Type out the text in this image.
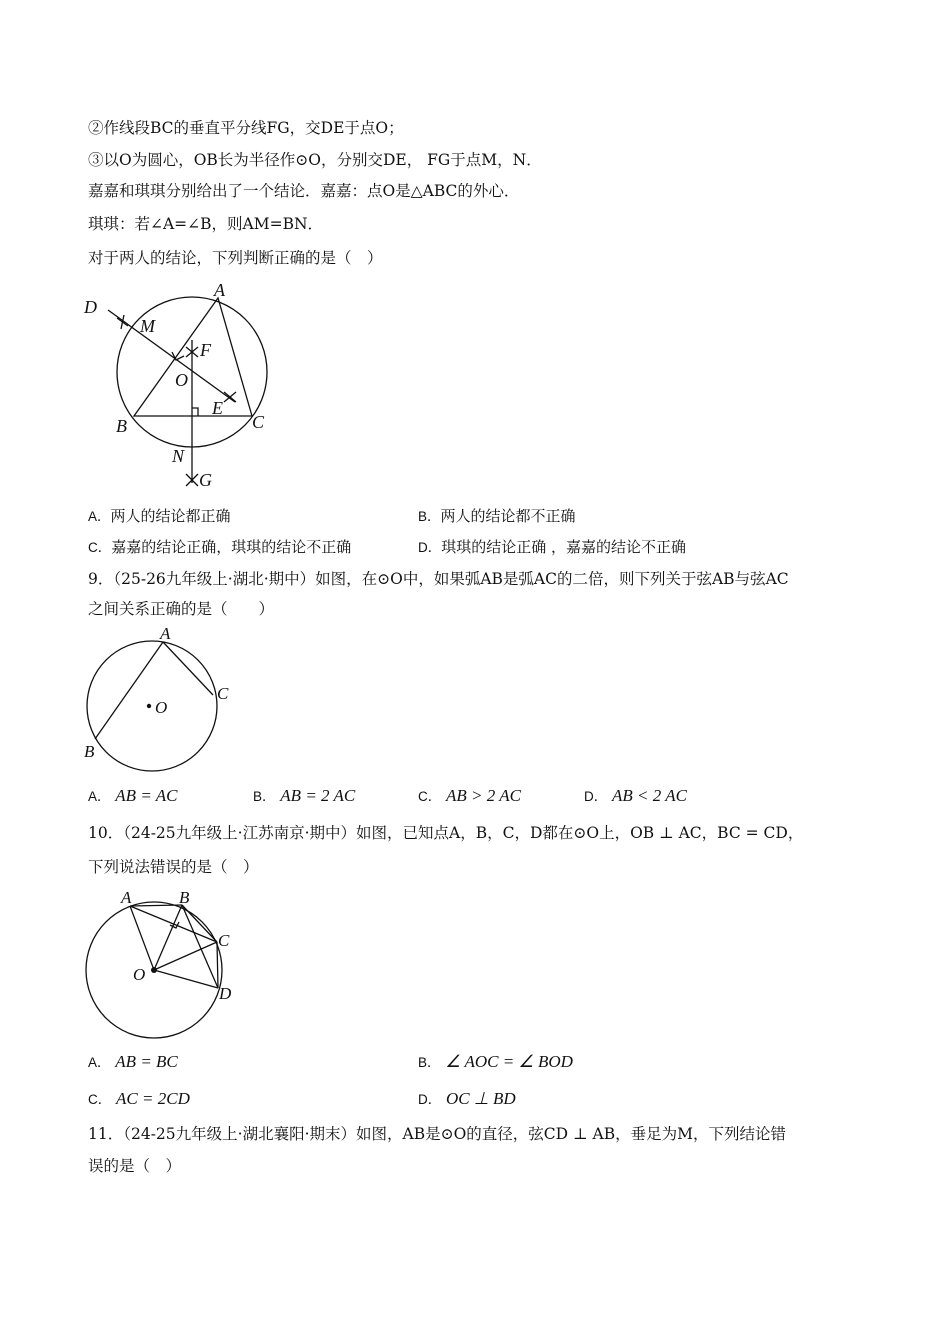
②作线段BC的垂直平分线FG，交DE于点O；
③以O为圆心，OB长为半径作⊙O，分别交DE， FG于点M，N．
嘉嘉和琪琪分别给出了一个结论．嘉嘉：点O是△ABC的外心．
琪琪：若∠A=∠B，则AM=BN．
对于两人的结论，下列判断正确的是（　）
D
M
A
F
O
E
B	C
N
G
A．两人的结论都正确	B．两人的结论都不正确
C．嘉嘉的结论正确，琪琪的结论不正确	D．琪琪的结论正确 ，嘉嘉的结论不正确
9．（25-26九年级上·湖北·期中）如图，在⊙O中，如果弧AB是弧AC的二倍，则下列关于弦AB与弦AC
之间关系正确的是（　　）
A
O
C
B
A． AB = AC	B． AB = 2 AC	C． AB > 2 AC	D． AB < 2 AC
10．（24-25九年级上·江苏南京·期中）如图，已知点A，B，C，D都在⊙O上，OB ⊥ AC，BC = CD，
下列说法错误的是（　）
A	B
C
O
D
A． AB = BC	B． ∠ AOC = ∠ BOD
C． AC = 2CD	D． OC ⊥ BD
11．（24-25九年级上·湖北襄阳·期末）如图，AB是⊙O的直径，弦CD ⊥ AB，垂足为M，下列结论错
误的是（　）
